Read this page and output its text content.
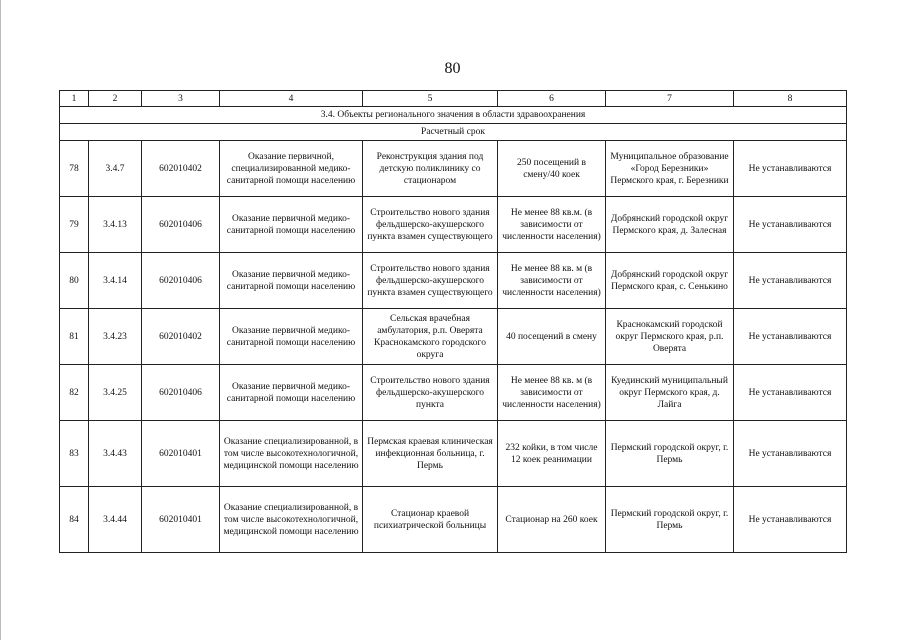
80
1	2	3	4	5	6	7	8
3.4. Объекты регионального значения в области здравоохранения							
Расчетный срок							
78	3.4.7	602010402	Оказание первичной, специализированной медико-санитарной помощи населению	Реконструкция здания под детскую поликлинику со стационаром	250 посещений в смену/40 коек	Муниципальное образование «Город Березники» Пермского края, г. Березники	Не устанавливаются
79	3.4.13	602010406	Оказание первичной медико-санитарной помощи населению	Строительство нового здания фельдшерско-акушерского пункта взамен существующего	Не менее 88 кв.м. (в зависимости от численности населения)	Добрянский городской округ Пермского края, д. Залесная	Не устанавливаются
80	3.4.14	602010406	Оказание первичной медико-санитарной помощи населению	Строительство нового здания фельдшерско-акушерского пункта взамен существующего	Не менее 88 кв. м (в зависимости от численности населения)	Добрянский городской округ Пермского края, с. Сенькино	Не устанавливаются
81	3.4.23	602010402	Оказание первичной медико-санитарной помощи населению	Сельская врачебная амбулатория, р.п. Оверята Краснокамского городского округа	40 посещений в смену	Краснокамский городской округ Пермского края, р.п. Оверята	Не устанавливаются
82	3.4.25	602010406	Оказание первичной медико-санитарной помощи населению	Строительство нового здания фельдшерско-акушерского пункта	Не менее 88 кв. м (в зависимости от численности населения)	Куединский муниципальный округ Пермского края, д. Лайга	Не устанавливаются
83	3.4.43	602010401	Оказание специализированной, в том числе высокотехнологичной, медицинской помощи населению	Пермская краевая клиническая инфекционная больница, г. Пермь	232 койки, в том числе 12 коек реанимации	Пермский городской округ, г. Пермь	Не устанавливаются
84	3.4.44	602010401	Оказание специализированной, в том числе высокотехнологичной, медицинской помощи населению	Стационар краевой психиатрической больницы	Стационар на 260 коек	Пермский городской округ, г. Пермь	Не устанавливаются
